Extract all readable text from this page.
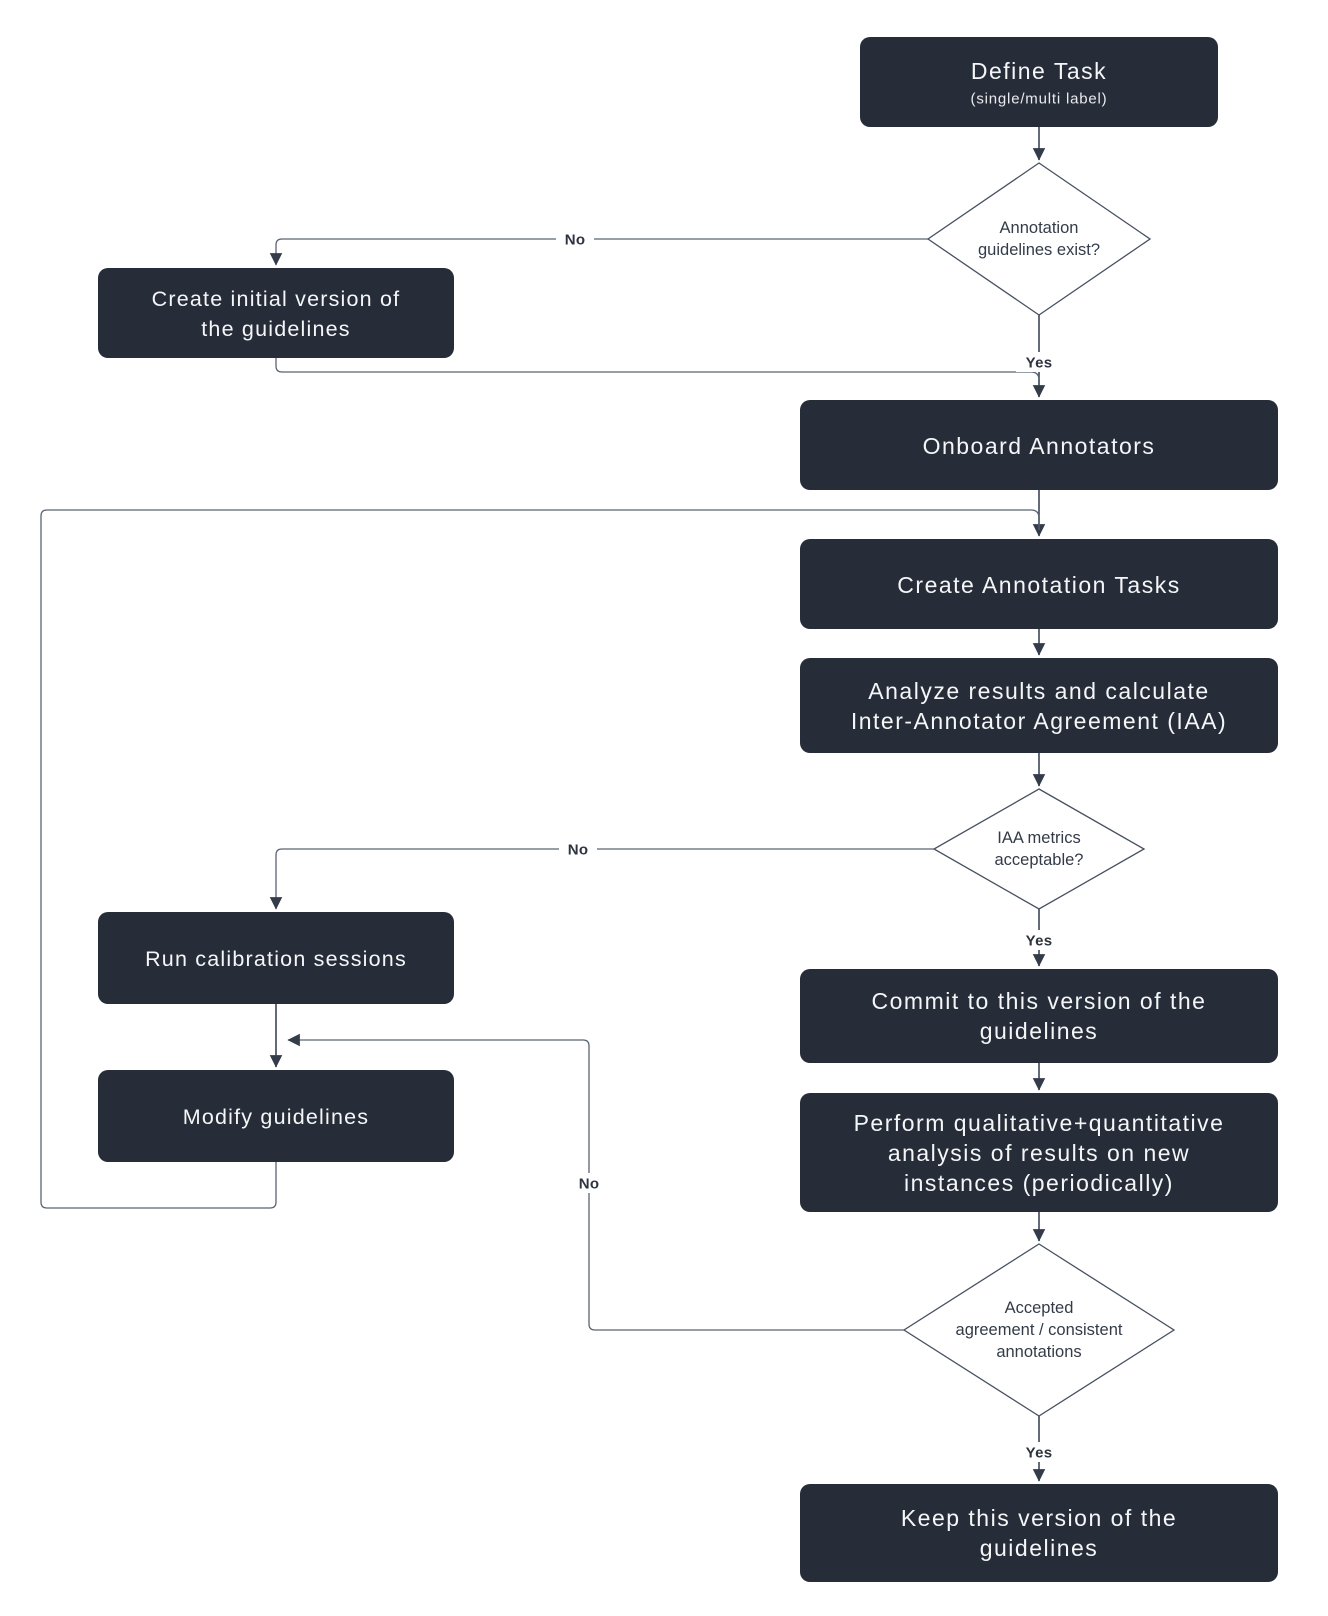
No
Yes
No
Yes
No
Yes
Define Task
(single/multi label)
Create initial version of
the guidelines
Onboard Annotators
Create Annotation Tasks
Analyze results and calculate
Inter-Annotator Agreement (IAA)
Run calibration sessions
Commit to this version of the
guidelines
Modify guidelines	Perform qualitative+quantitative
analysis of results on new
instances (periodically)
Keep this version of the
guidelines
Annotation
guidelines exist?
IAA metrics
acceptable?
Accepted
agreement / consistent
annotations
